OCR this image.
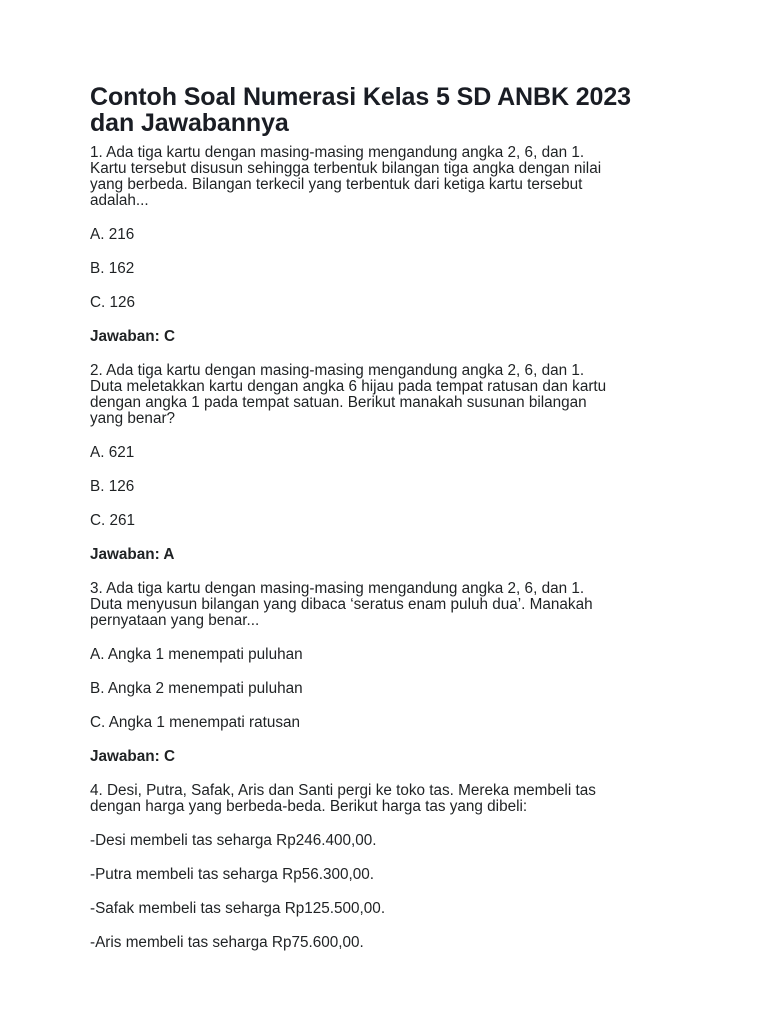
Contoh Soal Numerasi Kelas 5 SD ANBK 2023
dan Jawabannya
1. Ada tiga kartu dengan masing-masing mengandung angka 2, 6, dan 1.
Kartu tersebut disusun sehingga terbentuk bilangan tiga angka dengan nilai
yang berbeda. Bilangan terkecil yang terbentuk dari ketiga kartu tersebut
adalah...
A. 216
B. 162
C. 126
Jawaban: C
2. Ada tiga kartu dengan masing-masing mengandung angka 2, 6, dan 1.
Duta meletakkan kartu dengan angka 6 hijau pada tempat ratusan dan kartu
dengan angka 1 pada tempat satuan. Berikut manakah susunan bilangan
yang benar?
A. 621
B. 126
C. 261
Jawaban: A
3. Ada tiga kartu dengan masing-masing mengandung angka 2, 6, dan 1.
Duta menyusun bilangan yang dibaca ‘seratus enam puluh dua’. Manakah
pernyataan yang benar...
A. Angka 1 menempati puluhan
B. Angka 2 menempati puluhan
C. Angka 1 menempati ratusan
Jawaban: C
4. Desi, Putra, Safak, Aris dan Santi pergi ke toko tas. Mereka membeli tas
dengan harga yang berbeda-beda. Berikut harga tas yang dibeli:
-Desi membeli tas seharga Rp246.400,00.
-Putra membeli tas seharga Rp56.300,00.
-Safak membeli tas seharga Rp125.500,00.
-Aris membeli tas seharga Rp75.600,00.
